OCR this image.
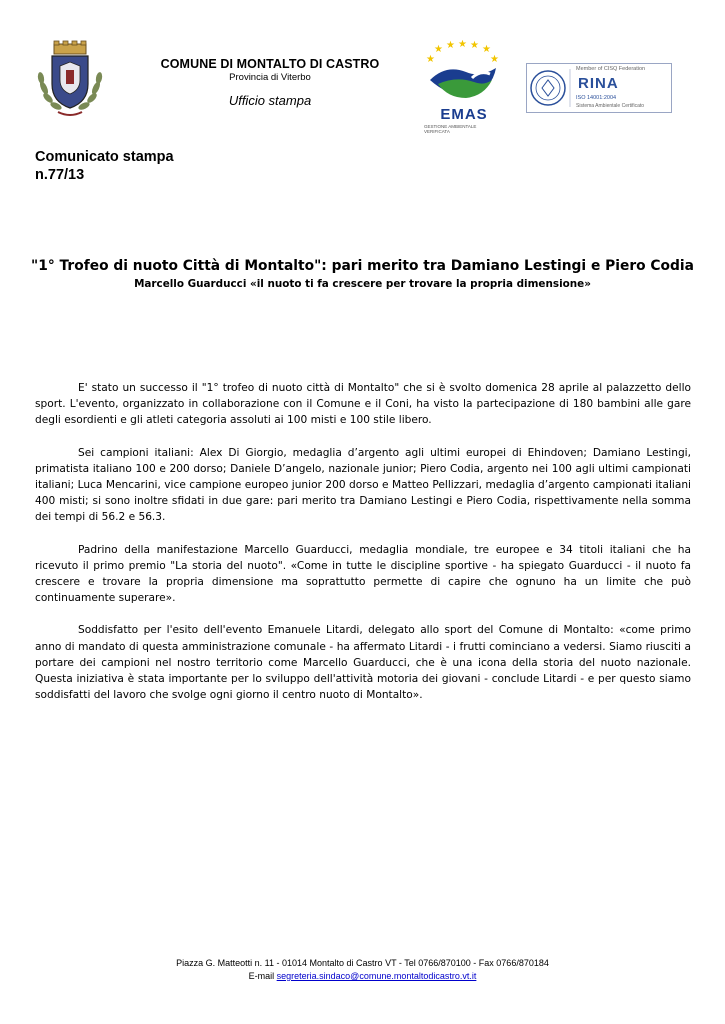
COMUNE DI MONTALTO DI CASTRO
Provincia di Viterbo
Ufficio stampa
★ ★ ★ ★ ★
★	★
EMAS
GESTIONE AMBIENTALE
VERIFICATA
Member of CISQ Federation
RINA
ISO 14001:2004
Sistema Ambientale Certificato
Comunicato stampa
n.77/13
"1° Trofeo di nuoto Città di Montalto": pari merito tra Damiano Lestingi e Piero Codia
Marcello Guarducci «il nuoto ti fa crescere per trovare la propria dimensione»

E' stato un successo il "1° trofeo di nuoto città di Montalto" che si è svolto domenica 28 aprile al palazzetto dello sport. L'evento, organizzato in collaborazione con il Comune e il Coni, ha visto la partecipazione di 180 bambini alle gare degli esordienti e gli atleti categoria assoluti ai 100 misti e 100 stile libero.

Sei campioni italiani: Alex Di Giorgio, medaglia d’argento agli ultimi europei di Ehindoven; Damiano Lestingi, primatista italiano 100 e 200 dorso; Daniele D’angelo, nazionale junior; Piero Codia, argento nei 100 agli ultimi campionati italiani; Luca Mencarini, vice campione europeo junior 200 dorso e Matteo Pellizzari, medaglia d’argento campionati italiani 400 misti; si sono inoltre sfidati in due gare: pari merito tra Damiano Lestingi e Piero Codia, rispettivamente nella somma dei tempi di 56.2 e 56.3.

Padrino della manifestazione Marcello Guarducci, medaglia mondiale, tre europee e 34 titoli italiani che ha ricevuto il primo premio "La storia del nuoto". «Come in tutte le discipline sportive - ha spiegato Guarducci - il nuoto fa crescere e trovare la propria dimensione ma soprattutto permette di capire che ognuno ha un limite che può continuamente superare».

Soddisfatto per l'esito dell'evento Emanuele Litardi, delegato allo sport del Comune di Montalto: «come primo anno di mandato di questa amministrazione comunale - ha affermato Litardi - i frutti cominciano a vedersi. Siamo riusciti a portare dei campioni nel nostro territorio come Marcello Guarducci, che è una icona della storia del nuoto nazionale. Questa iniziativa è stata importante per lo sviluppo dell'attività motoria dei giovani - conclude Litardi - e per questo siamo soddisfatti del lavoro che svolge ogni giorno il centro nuoto di Montalto».

Piazza G. Matteotti n. 11 - 01014 Montalto di Castro VT - Tel 0766/870100 - Fax 0766/870184
E-mail segreteria.sindaco@comune.montaltodicastro.vt.it
